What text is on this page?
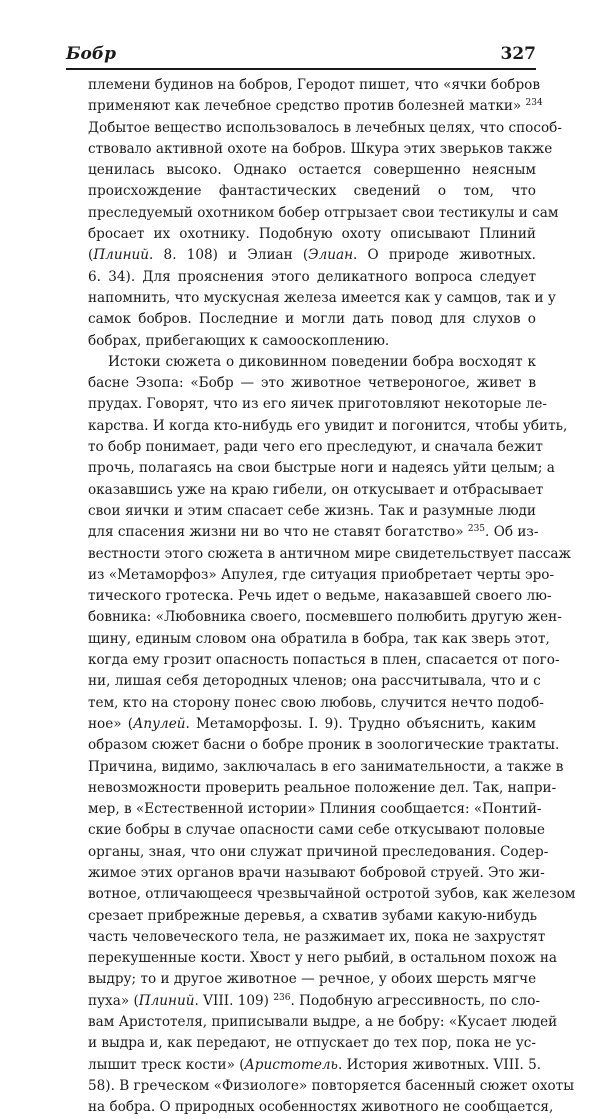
Бобр	327
племени будинов на бобров, Геродот пишет, что «ячки бобров
применяют как лечебное средство против болезней матки» $^{234}$
Добытое вещество использовалось в лечебных целях, что способ-
ствовало активной охоте на бобров. Шкура этих зверьков также
ценилась высоко. Однако остается совершенно неясным
происхождение фантастических сведений о том, что
преследуемый охотником бобер отгрызает свои тестикулы и сам
бросает их охотнику. Подобную охоту описывают Плиний
(Плиний. 8. 108) и Элиан (Элиан. О природе животных.
6. 34). Для прояснения этого деликатного вопроса следует
напомнить, что мускусная железа имеется как у самцов, так и у
самок бобров. Последние и могли дать повод для слухов о
бобрах, прибегающих к самооскоплению.
Истоки сюжета о диковинном поведении бобра восходят к
басне Эзопа: «Бобр — это животное четвероногое, живет в
прудах. Говорят, что из его яичек приготовляют некоторые ле-
карства. И когда кто-нибудь его увидит и погонится, чтобы убить,
то бобр понимает, ради чего его преследуют, и сначала бежит
прочь, полагаясь на свои быстрые ноги и надеясь уйти целым; а
оказавшись уже на краю гибели, он откусывает и отбрасывает
свои яички и этим спасает себе жизнь. Так и разумные люди
для спасения жизни ни во что не ставят богатство» $^{235}$. Об из-
вестности этого сюжета в античном мире свидетельствует пассаж
из «Метаморфоз» Апулея, где ситуация приобретает черты эро-
тического гротеска. Речь идет о ведьме, наказавшей своего лю-
бовника: «Любовника своего, посмевшего полюбить другую жен-
щину, единым словом она обратила в бобра, так как зверь этот,
когда ему грозит опасность попасться в плен, спасается от пого-
ни, лишая себя детородных членов; она рассчитывала, что и с
тем, кто на сторону понес свою любовь, случится нечто подоб-
ное» (Апулей. Метаморфозы. I. 9). Трудно объяснить, каким
образом сюжет басни о бобре проник в зоологические трактаты.
Причина, видимо, заключалась в его занимательности, а также в
невозможности проверить реальное положение дел. Так, напри-
мер, в «Естественной истории» Плиния сообщается: «Понтий-
ские бобры в случае опасности сами себе откусывают половые
органы, зная, что они служат причиной преследования. Содер-
жимое этих органов врачи называют бобровой струей. Это жи-
вотное, отличающееся чрезвычайной остротой зубов, как железом
срезает прибрежные деревья, а схватив зубами какую-нибудь
часть человеческого тела, не разжимает их, пока не захрустят
перекушенные кости. Хвост у него рыбий, в остальном похож на
выдру; то и другое животное — речное, у обоих шерсть мягче
пуха» (Плиний. VIII. 109) $^{236}$. Подобную агрессивность, по сло-
вам Аристотеля, приписывали выдре, а не бобру: «Кусает людей
и выдра и, как передают, не отпускает до тех пор, пока не ус-
лышит треск кости» (Аристотель. История животных. VIII. 5.
58). В греческом «Физиологе» повторяется басенный сюжет охоты
на бобра. О природных особенностях животного не сообщается,
